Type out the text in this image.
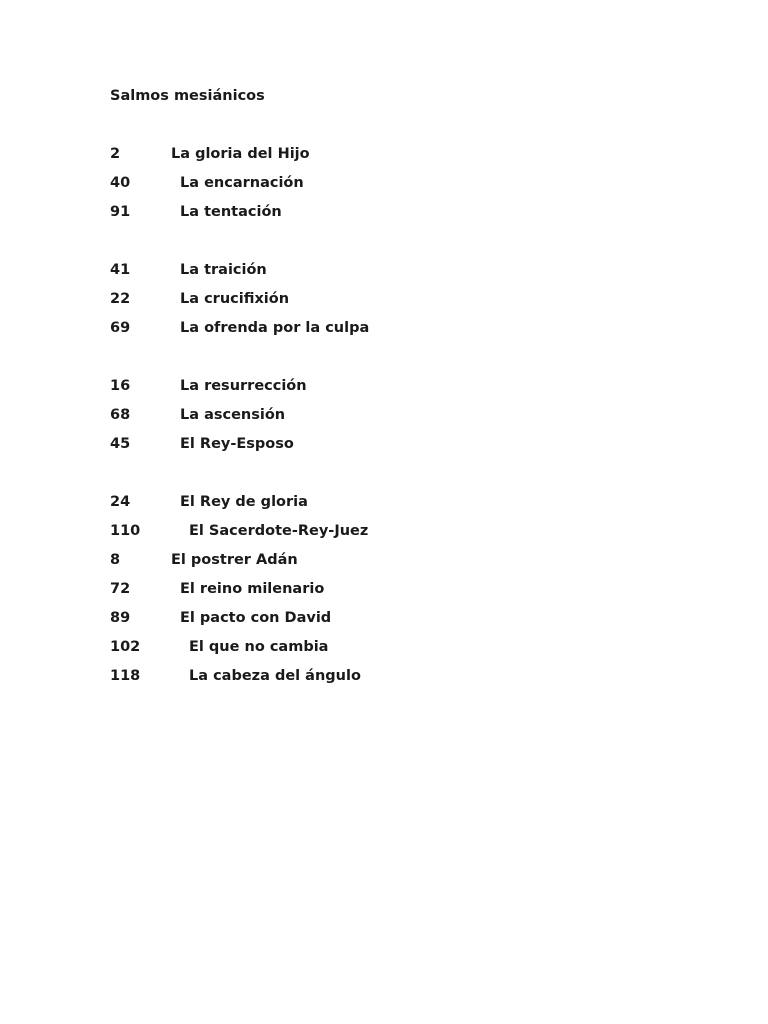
Salmos mesiánicos
2	La gloria del Hijo
40	La encarnación
91	La tentación
41	La traición
22	La crucifixión
69	La ofrenda por la culpa
16	La resurrección
68	La ascensión
45	El Rey-Esposo
24	El Rey de gloria
110	El Sacerdote-Rey-Juez
8	El postrer Adán
72	El reino milenario
89	El pacto con David
102	El que no cambia
118	La cabeza del ángulo
